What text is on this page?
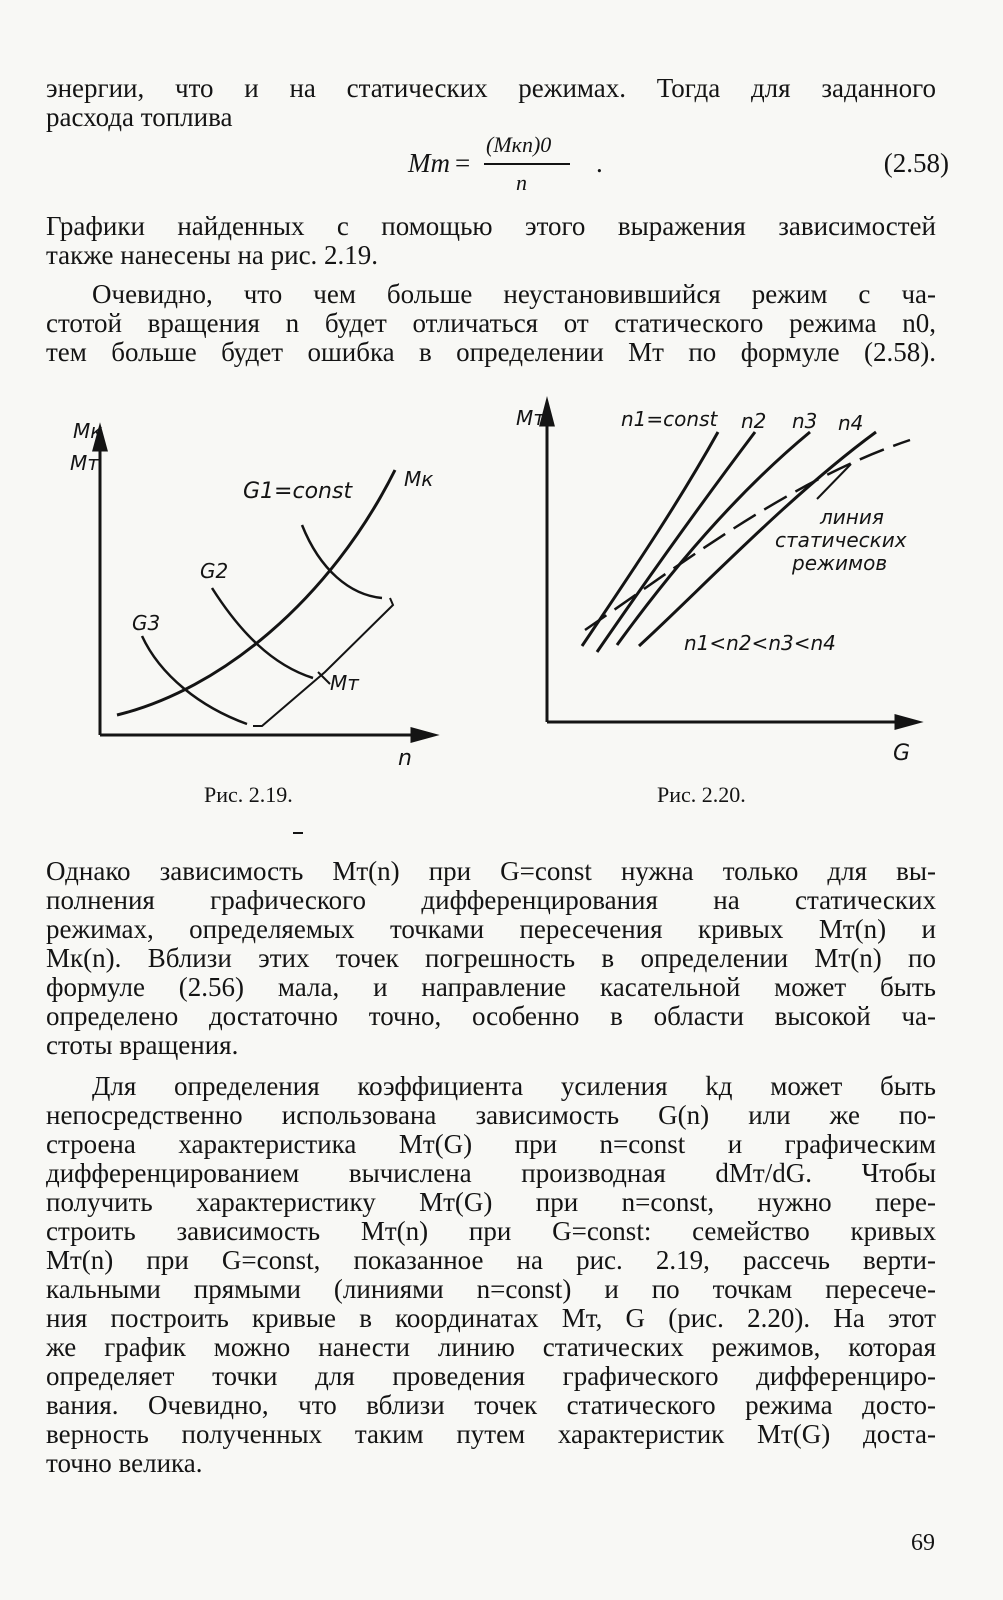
энергии, что и на статических режимах. Тогда для заданного
расхода топлива
Mт =
(Mкn)0
n
.	(2.58)
Графики найденных с помощью этого выражения зависимостей
также нанесены на рис. 2.19.
Очевидно, что чем больше неустановившийся режим с ча-
стотой вращения n будет отличаться от статического режима n0,
тем больше будет ошибка в определении Mт по формуле (2.58).
Mк
Mт
n
G1=const
G2
G3
Mк
Mт
Mт
G
n1=const n2 n3 n4
линия
статических
режимов
n1<n2<n3<n4
Рис. 2.19.	Рис. 2.20.
Однако зависимость Mт(n) при G=const нужна только для вы-
полнения графического дифференцирования на статических
режимах, определяемых точками пересечения кривых Mт(n) и
Mк(n). Вблизи этих точек погрешность в определении Mт(n) по
формуле (2.56) мала, и направление касательной может быть
определено достаточно точно, особенно в области высокой ча-
стоты вращения.
Для определения коэффициента усиления kд может быть
непосредственно использована зависимость G(n) или же по-
строена характеристика Mт(G) при n=const и графическим
дифференцированием вычислена производная dMт/dG. Чтобы
получить характеристику Mт(G) при n=const, нужно пере-
строить зависимость Mт(n) при G=const: семейство кривых
Mт(n) при G=const, показанное на рис. 2.19, рассечь верти-
кальными прямыми (линиями n=const) и по точкам пересече-
ния построить кривые в координатах Mт, G (рис. 2.20). На этот
же график можно нанести линию статических режимов, которая
определяет точки для проведения графического дифференциро-
вания. Очевидно, что вблизи точек статического режима досто-
верность полученных таким путем характеристик Mт(G) доста-
точно велика.
69
